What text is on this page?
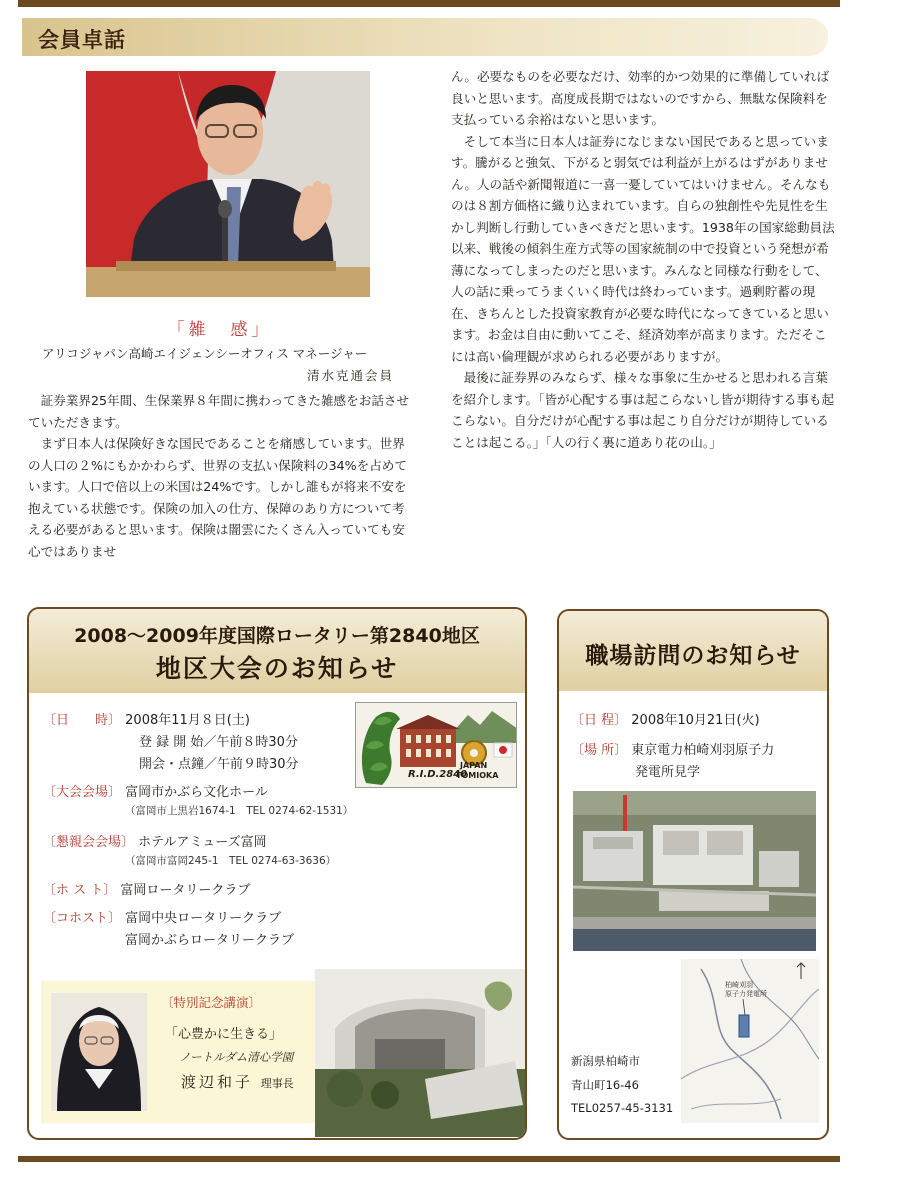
会員卓話
「雑　感」
アリコジャパン高崎エイジェンシーオフィス マネージャー
清水克通会員

証券業界25年間、生保業界８年間に携わってきた雑感をお話させていただきます。

まず日本人は保険好きな国民であることを痛感しています。世界の人口の２%にもかかわらず、世界の支払い保険料の34%を占めています。人口で倍以上の米国は24%です。しかし誰もが将来不安を抱えている状態です。保険の加入の仕方、保障のあり方について考える必要があると思います。保険は闇雲にたくさん入っていても安心ではありませ

ん。必要なものを必要なだけ、効率的かつ効果的に準備していれば良いと思います。高度成長期ではないのですから、無駄な保険料を支払っている余裕はないと思います。

そして本当に日本人は証券になじまない国民であると思っています。騰がると強気、下がると弱気では利益が上がるはずがありません。人の話や新聞報道に一喜一憂していてはいけません。そんなものは８割方価格に織り込まれています。自らの独創性や先見性を生かし判断し行動していきべきだと思います。1938年の国家総動員法以来、戦後の傾斜生産方式等の国家統制の中で投資という発想が希薄になってしまったのだと思います。みんなと同様な行動をして、人の話に乗ってうまくいく時代は終わっています。過剰貯蓄の現在、きちんとした投資家教育が必要な時代になってきていると思います。お金は自由に動いてこそ、経済効率が高まります。ただそこには高い倫理観が求められる必要がありますが。

最後に証券界のみならず、様々な事象に生かせると思われる言葉を紹介します。「皆が心配する事は起こらないし皆が期待する事も起こらない。自分だけが心配する事は起こり自分だけが期待していることは起こる。」「人の行く裏に道あり花の山。」

2008〜2009年度国際ロータリー第2840地区
地区大会のお知らせ
〔日　　時〕 2008年11月８日(土)
登 録 開 始／午前８時30分
開会・点鐘／午前９時30分
〔大会会場〕 富岡市かぶら文化ホール
（富岡市上黒岩1674-1　TEL 0274-62-1531）
〔懇親会会場〕 ホテルアミューズ富岡
（富岡市富岡245-1　TEL 0274-63-3636）
〔ホ ス ト〕 富岡ロータリークラブ
〔コホスト〕 富岡中央ロータリークラブ
富岡かぶらロータリークラブ
R.I.D.2840
JAPAN
TOMIOKA
〔特別記念講演〕
「心豊かに生きる」
ノートルダム清心学園
渡辺和子 理事長
職場訪問のお知らせ
〔日 程〕 2008年10月21日(火)
〔場 所〕 東京電力柏崎刈羽原子力
発電所見学
柏崎刈羽
原子力発電所
新潟県柏崎市
青山町16-46
TEL0257-45-3131
